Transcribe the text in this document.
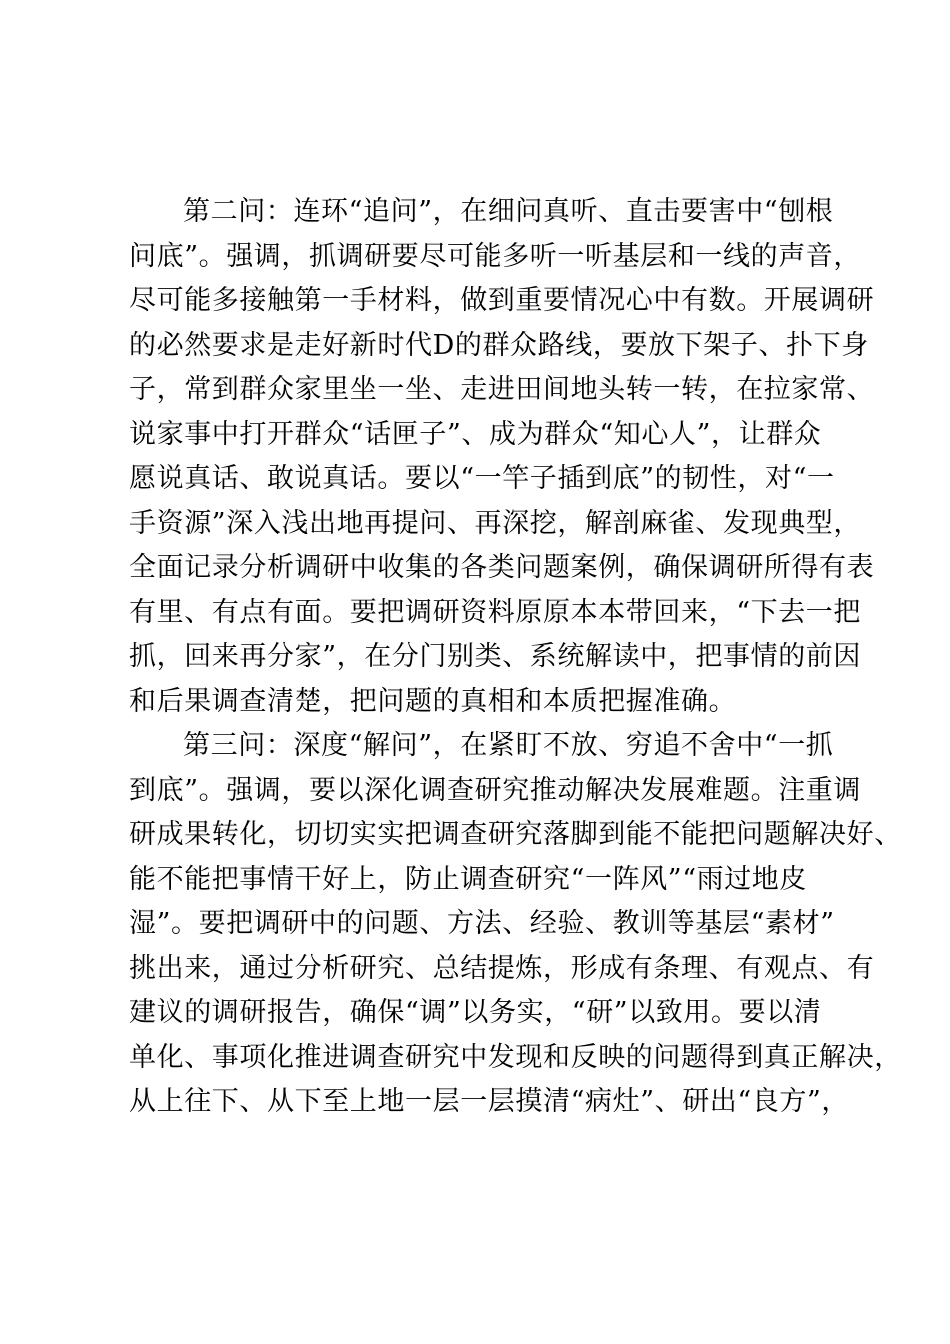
第二问：连环“追问”，在细问真听、直击要害中“刨根
问底”。强调，抓调研要尽可能多听一听基层和一线的声音，
尽可能多接触第一手材料，做到重要情况心中有数。开展调研
的必然要求是走好新时代D的群众路线，要放下架子、扑下身
子，常到群众家里坐一坐、走进田间地头转一转，在拉家常、
说家事中打开群众“话匣子”、成为群众“知心人”，让群众
愿说真话、敢说真话。要以“一竿子插到底”的韧性，对“一
手资源”深入浅出地再提问、再深挖，解剖麻雀、发现典型，
全面记录分析调研中收集的各类问题案例，确保调研所得有表
有里、有点有面。要把调研资料原原本本带回来，“下去一把
抓，回来再分家”，在分门别类、系统解读中，把事情的前因
和后果调查清楚，把问题的真相和本质把握准确。
第三问：深度“解问”，在紧盯不放、穷追不舍中“一抓
到底”。强调，要以深化调查研究推动解决发展难题。注重调
研成果转化，切切实实把调查研究落脚到能不能把问题解决好、
能不能把事情干好上，防止调查研究“一阵风”“雨过地皮
湿”。要把调研中的问题、方法、经验、教训等基层“素材”
挑出来，通过分析研究、总结提炼，形成有条理、有观点、有
建议的调研报告，确保“调”以务实，“研”以致用。要以清
单化、事项化推进调查研究中发现和反映的问题得到真正解决，
从上往下、从下至上地一层一层摸清“病灶”、研出“良方”，
